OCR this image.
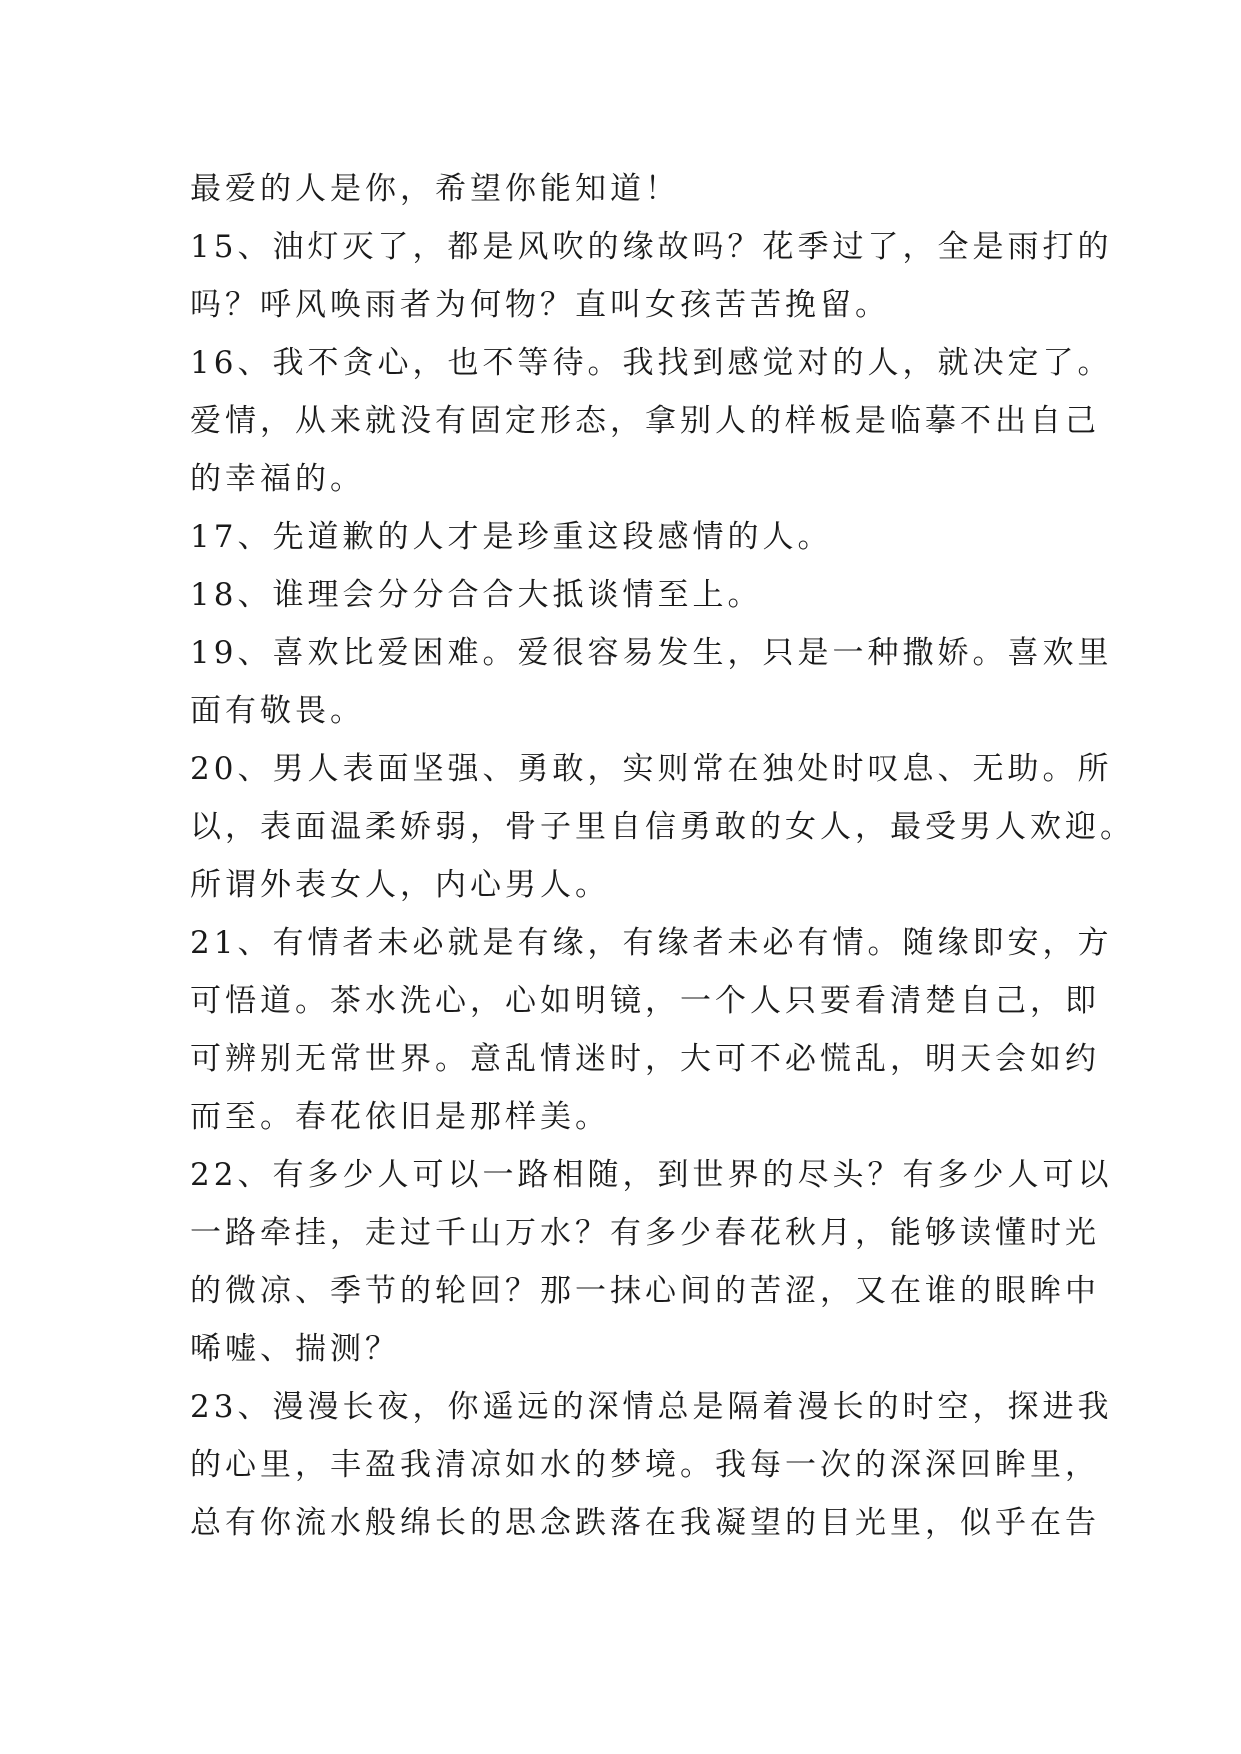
最爱的人是你，希望你能知道！
15、油灯灭了，都是风吹的缘故吗？花季过了，全是雨打的
吗？呼风唤雨者为何物？直叫女孩苦苦挽留。
16、我不贪心，也不等待。我找到感觉对的人，就决定了。
爱情，从来就没有固定形态，拿别人的样板是临摹不出自己
的幸福的。
17、先道歉的人才是珍重这段感情的人。
18、谁理会分分合合大抵谈情至上。
19、喜欢比爱困难。爱很容易发生，只是一种撒娇。喜欢里
面有敬畏。
20、男人表面坚强、勇敢，实则常在独处时叹息、无助。所
以，表面温柔娇弱，骨子里自信勇敢的女人，最受男人欢迎。
所谓外表女人，内心男人。
21、有情者未必就是有缘，有缘者未必有情。随缘即安，方
可悟道。茶水洗心，心如明镜，一个人只要看清楚自己，即
可辨别无常世界。意乱情迷时，大可不必慌乱，明天会如约
而至。春花依旧是那样美。
22、有多少人可以一路相随，到世界的尽头？有多少人可以
一路牵挂，走过千山万水？有多少春花秋月，能够读懂时光
的微凉、季节的轮回？那一抹心间的苦涩，又在谁的眼眸中
唏嘘、揣测？
23、漫漫长夜，你遥远的深情总是隔着漫长的时空，探进我
的心里，丰盈我清凉如水的梦境。我每一次的深深回眸里，
总有你流水般绵长的思念跌落在我凝望的目光里，似乎在告
